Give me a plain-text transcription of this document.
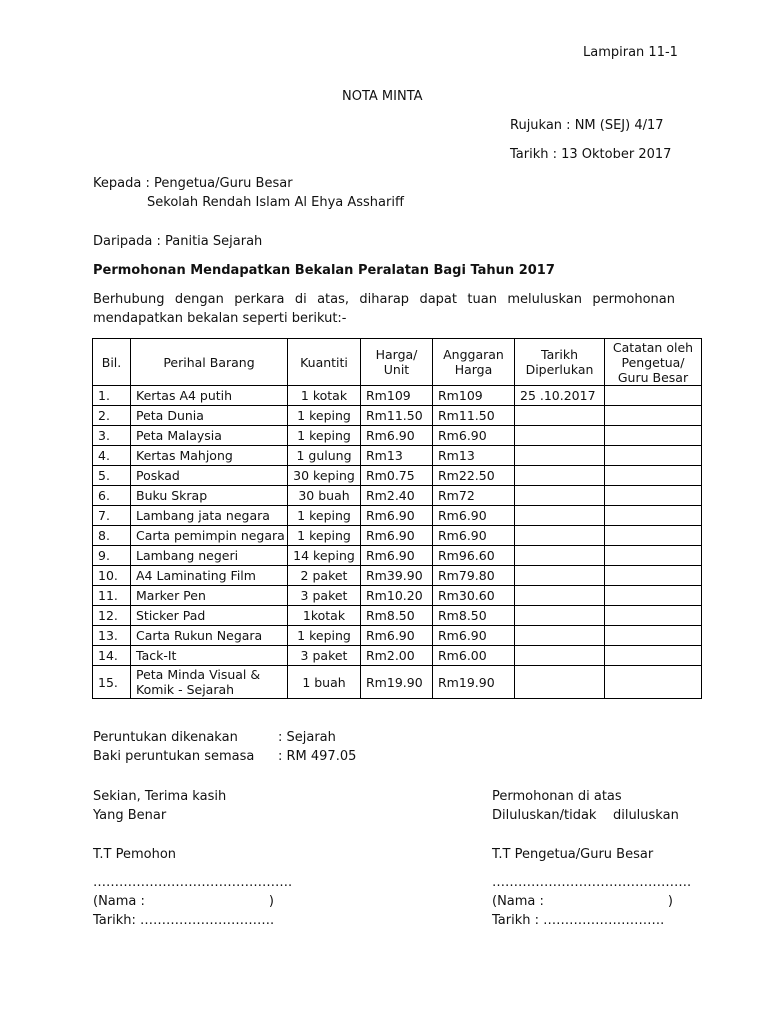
Lampiran 11-1
NOTA MINTA
Rujukan : NM (SEJ) 4/17
Tarikh : 13 Oktober 2017
Kepada : Pengetua/Guru Besar
Sekolah Rendah Islam Al Ehya Asshariff
Daripada : Panitia Sejarah
Permohonan Mendapatkan Bekalan Peralatan Bagi Tahun 2017
Berhubung dengan perkara di atas, diharap dapat tuan meluluskan permohonan mendapatkan bekalan seperti berikut:-
Bil.	Perihal Barang	Kuantiti	Harga/ Unit	Anggaran Harga	Tarikh Diperlukan	Catatan oleh Pengetua/ Guru Besar
1.	Kertas A4 putih	1 kotak	Rm109	Rm109	25 .10.2017	
2.	Peta Dunia	1 keping	Rm11.50	Rm11.50		
3.	Peta Malaysia	1 keping	Rm6.90	Rm6.90		
4.	Kertas Mahjong	1 gulung	Rm13	Rm13		
5.	Poskad	30 keping	Rm0.75	Rm22.50		
6.	Buku Skrap	30 buah	Rm2.40	Rm72		
7.	Lambang jata negara	1 keping	Rm6.90	Rm6.90		
8.	Carta pemimpin negara	1 keping	Rm6.90	Rm6.90		
9.	Lambang negeri	14 keping	Rm6.90	Rm96.60		
10.	A4 Laminating Film	2 paket	Rm39.90	Rm79.80		
11.	Marker Pen	3 paket	Rm10.20	Rm30.60		
12.	Sticker Pad	1kotak	Rm8.50	Rm8.50		
13.	Carta Rukun Negara	1 keping	Rm6.90	Rm6.90		
14.	Tack-It	3 paket	Rm2.00	Rm6.00		
15.	Peta Minda Visual & Komik - Sejarah	1 buah	Rm19.90	Rm19.90		
Peruntukan dikenakan	: Sejarah
Baki peruntukan semasa : RM 497.05
Sekian, Terima kasih
Yang Benar
Permohonan di atas
Diluluskan/tidak    diluluskan
T.T Pemohon
……………………………………….
(Nama :                              )
Tarikh: ………………………….
T.T Pengetua/Guru Besar
……………………………………….
(Nama :                              )
Tarikh : ……………………….
